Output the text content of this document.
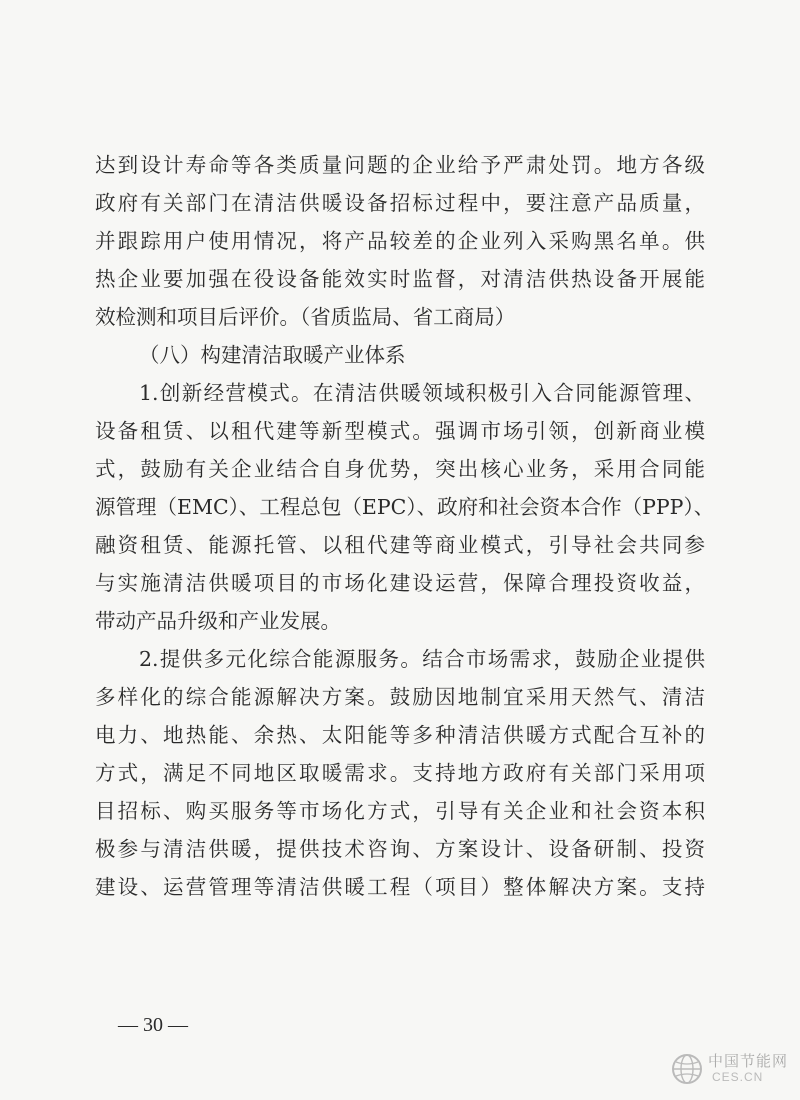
达到设计寿命等各类质量问题的企业给予严肃处罚。地方各级
政府有关部门在清洁供暖设备招标过程中，要注意产品质量，
并跟踪用户使用情况，将产品较差的企业列入采购黑名单。供
热企业要加强在役设备能效实时监督，对清洁供热设备开展能
效检测和项目后评价。（省质监局、省工商局）
（八）构建清洁取暖产业体系
1.创新经营模式。在清洁供暖领域积极引入合同能源管理、
设备租赁、以租代建等新型模式。强调市场引领，创新商业模
式，鼓励有关企业结合自身优势，突出核心业务，采用合同能
源管理（EMC）、工程总包（EPC）、政府和社会资本合作（PPP）、
融资租赁、能源托管、以租代建等商业模式，引导社会共同参
与实施清洁供暖项目的市场化建设运营，保障合理投资收益，
带动产品升级和产业发展。
2.提供多元化综合能源服务。结合市场需求，鼓励企业提供
多样化的综合能源解决方案。鼓励因地制宜采用天然气、清洁
电力、地热能、余热、太阳能等多种清洁供暖方式配合互补的
方式，满足不同地区取暖需求。支持地方政府有关部门采用项
目招标、购买服务等市场化方式，引导有关企业和社会资本积
极参与清洁供暖，提供技术咨询、方案设计、设备研制、投资
建设、运营管理等清洁供暖工程（项目）整体解决方案。支持
— 30 —
中国节能网
CES.CN
